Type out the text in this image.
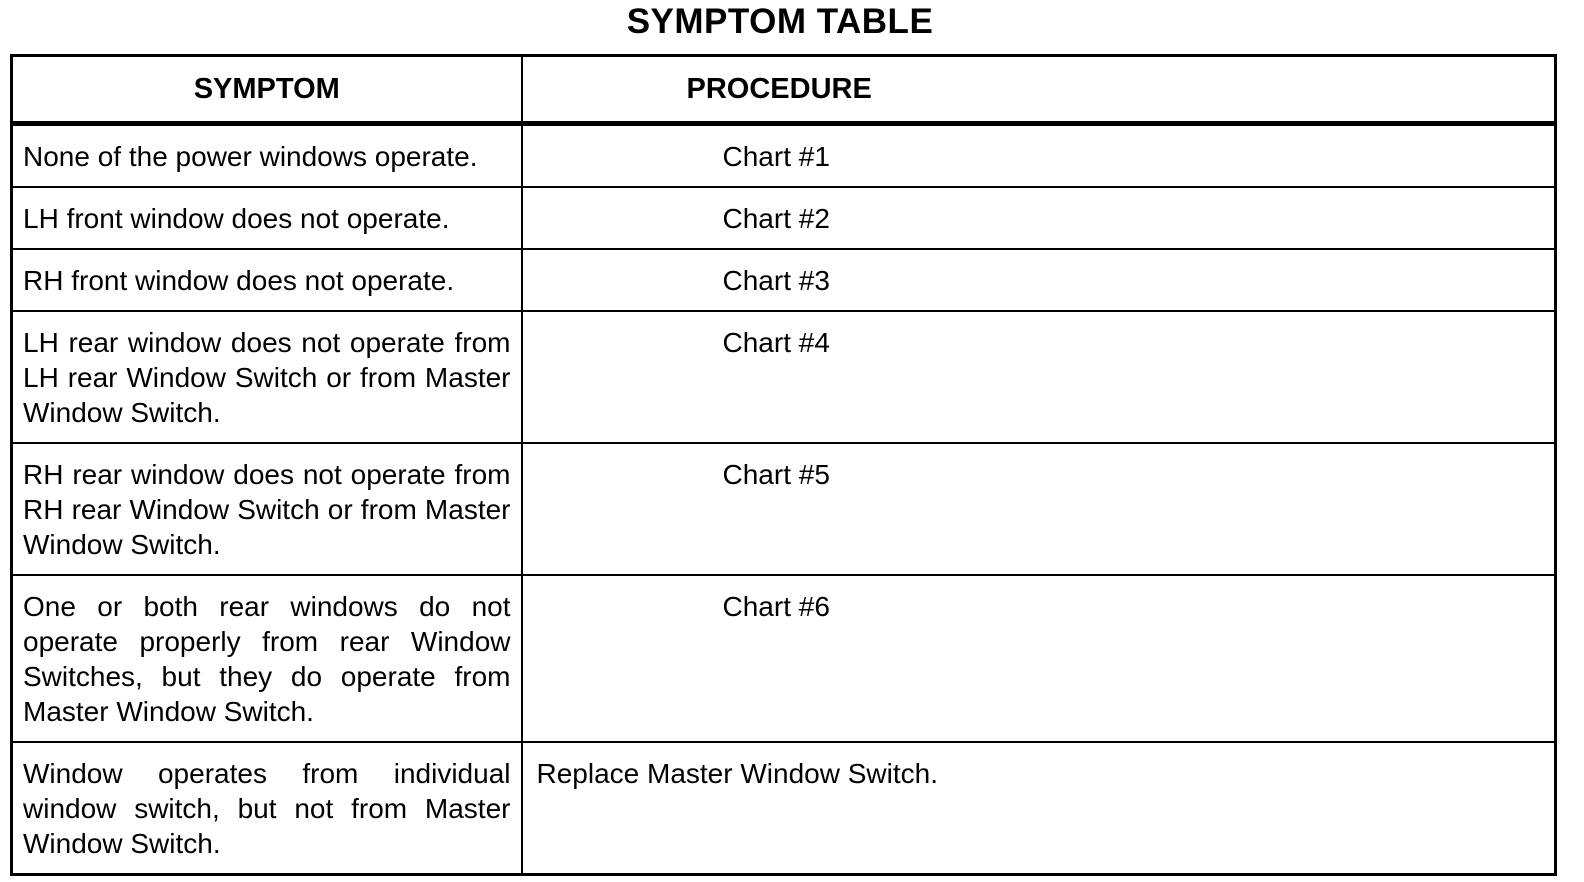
SYMPTOM TABLE
SYMPTOM	PROCEDURE
None of the power windows operate.	Chart #1
LH front window does not operate.	Chart #2
RH front window does not operate.	Chart #3
LH rear window does not operate from LH rear Window Switch or from Master Window Switch.	Chart #4
RH rear window does not operate from RH rear Window Switch or from Master Window Switch.	Chart #5
One or both rear windows do not operate properly from rear Window Switches, but they do operate from Master Window Switch.	Chart #6
Window operates from individual window switch, but not from Master Window Switch.	Replace Master Window Switch.
